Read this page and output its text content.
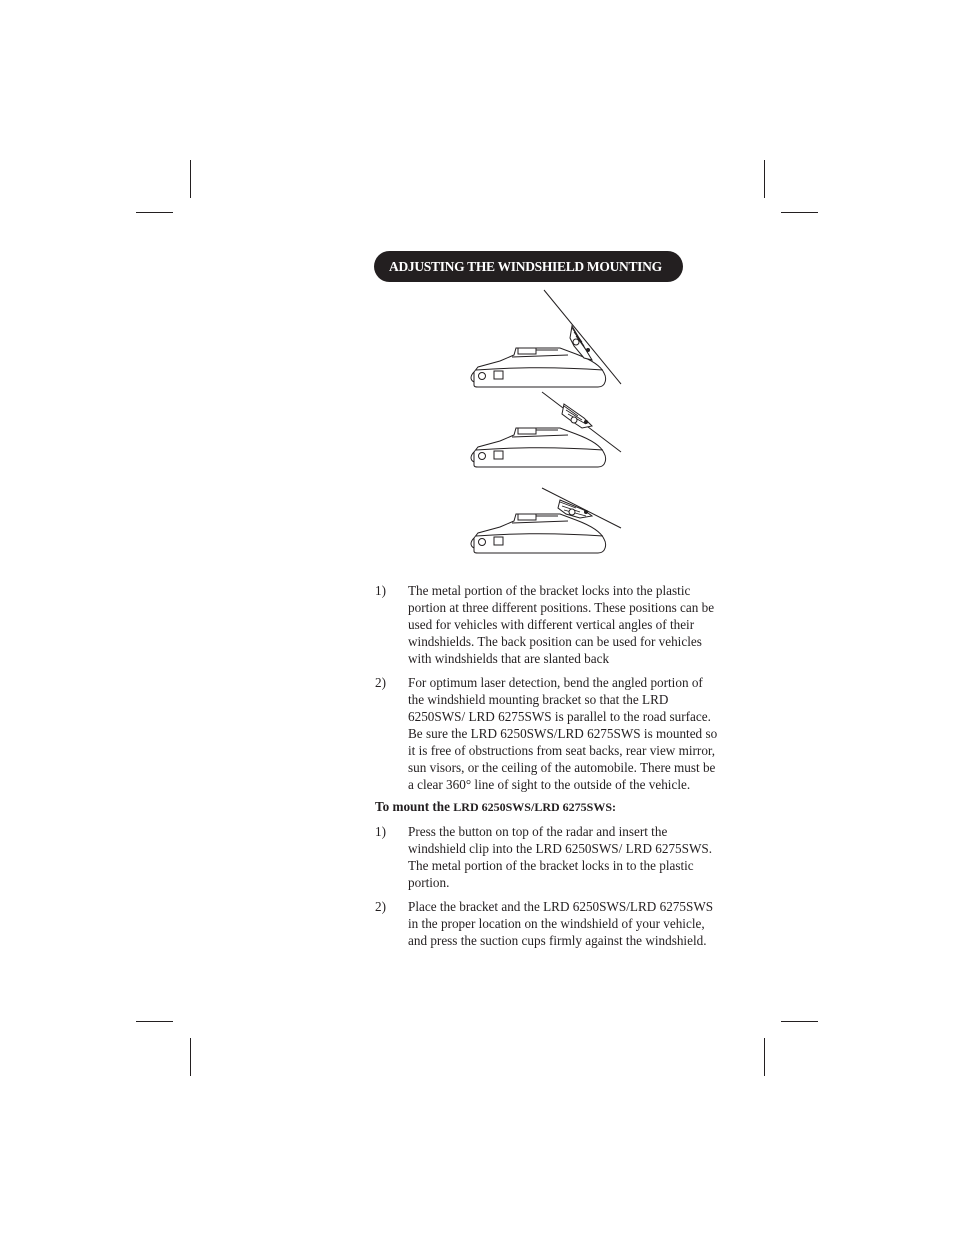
ADJUSTING THE WINDSHIELD MOUNTING CLIP
1) The metal portion of the bracket locks into the plastic portion at three different positions. These positions can be used for vehicles with different vertical angles of their windshields. The back position can be used for vehicles with windshields that are slanted back
2) For optimum laser detection, bend the angled portion of the windshield mounting bracket so that the LRD 6250SWS/ LRD 6275SWS is parallel to the road surface. Be sure the LRD 6250SWS/LRD 6275SWS is mounted so it is free of obstructions from seat backs, rear view mirror, sun visors, or the ceiling of the automobile. There must be a clear 360° line of sight to the outside of the vehicle.
To mount the LRD 6250SWS/LRD 6275SWS:
1) Press the button on top of the radar and insert the windshield clip into the LRD 6250SWS/ LRD 6275SWS. The metal portion of the bracket locks in to the plastic portion.
2) Place the bracket and the LRD 6250SWS/LRD 6275SWS in the proper location on the windshield of your vehicle, and press the suction cups firmly against the windshield.
